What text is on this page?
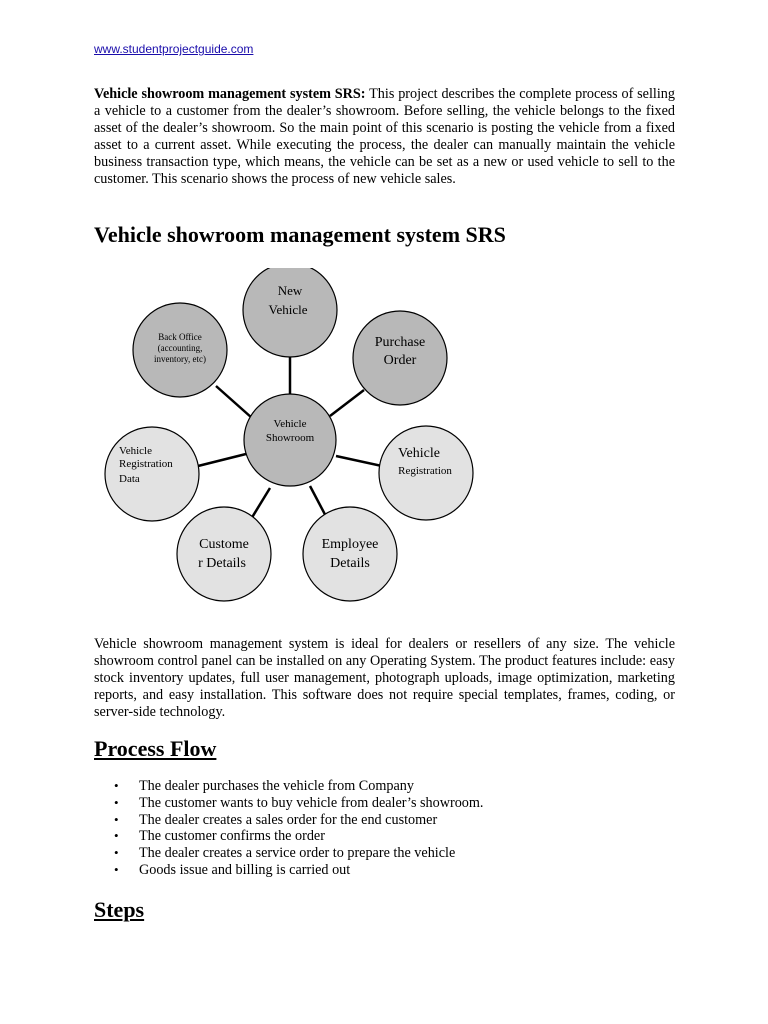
www.studentprojectguide.com

Vehicle showroom management system SRS: This project describes the complete process of selling a vehicle to a customer from the dealer’s showroom. Before selling, the vehicle belongs to the fixed asset of the dealer’s showroom. So the main point of this scenario is posting the vehicle from a fixed asset to a current asset. While executing the process, the dealer can manually maintain the vehicle business transaction type, which means, the vehicle can be set as a new or used vehicle to sell to the customer. This scenario shows the process of new vehicle sales.

Vehicle showroom management system SRS
Vehicle
Showroom
New
Vehicle
Purchase
Order
Vehicle
Registration
Employee
Details
Custome
r Details
Vehicle
Registration
Data
Back Office
(accounting,
inventory, etc)

Vehicle showroom management system is ideal for dealers or resellers of any size. The vehicle showroom control panel can be installed on any Operating System. The product features include: easy stock inventory updates, full user management, photograph uploads, image optimization, marketing reports, and easy installation. This software does not require special templates, frames, coding, or server-side technology.

Process Flow
• The dealer purchases the vehicle from Company
• The customer wants to buy vehicle from dealer’s showroom.
• The dealer creates a sales order for the end customer
• The customer confirms the order
• The dealer creates a service order to prepare the vehicle
• Goods issue and billing is carried out
Steps
